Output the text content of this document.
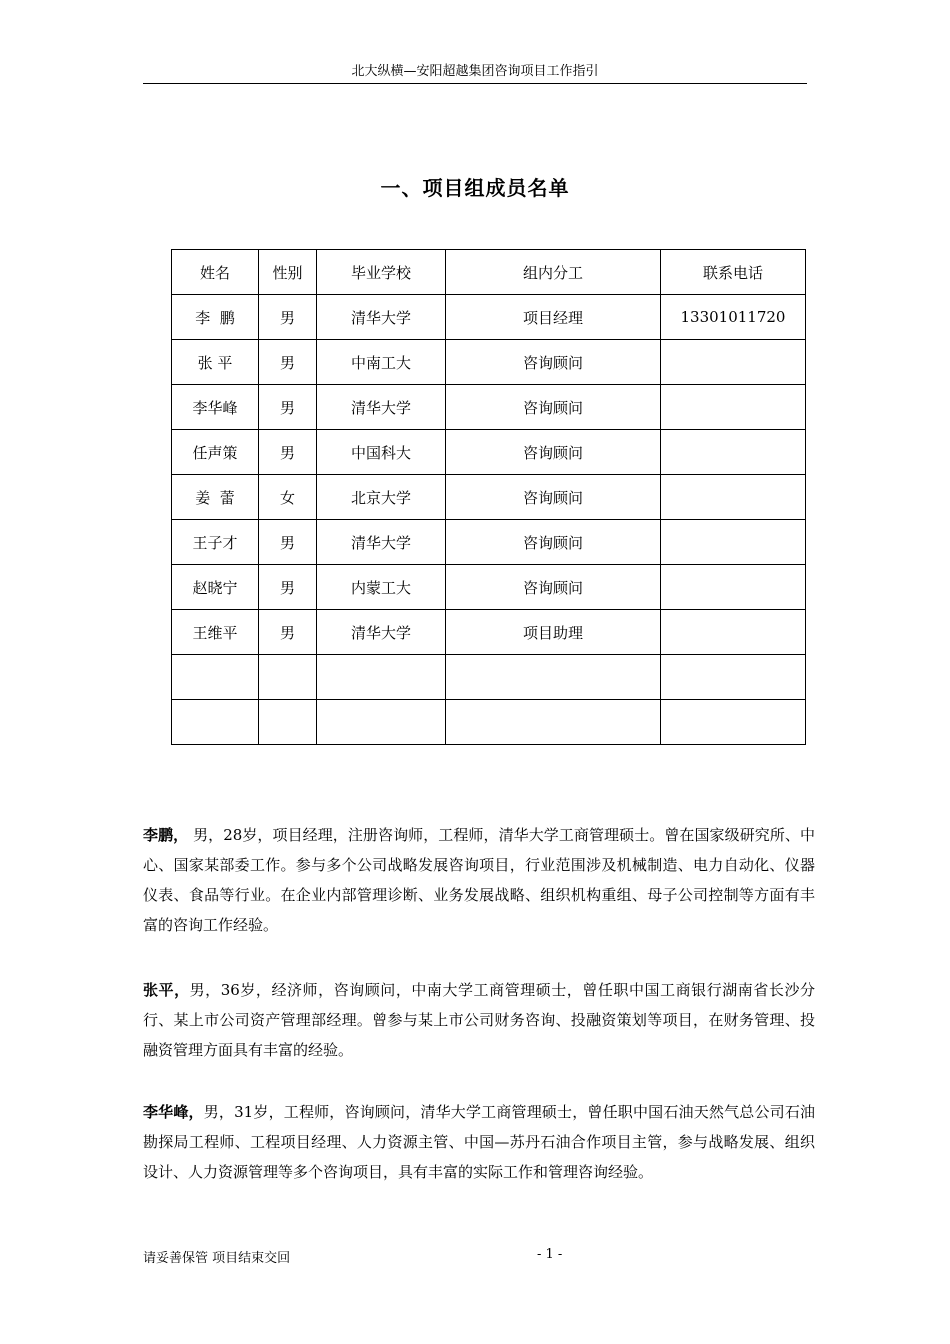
北大纵横—安阳超越集团咨询项目工作指引
一、项目组成员名单
姓名	性别	毕业学校	组内分工	联系电话
李  鹏	男	清华大学	项目经理	13301011720
张 平	男	中南工大	咨询顾问	
李华峰	男	清华大学	咨询顾问	
任声策	男	中国科大	咨询顾问	
姜  蕾	女	北京大学	咨询顾问	
王子才	男	清华大学	咨询顾问	
赵晓宁	男	内蒙工大	咨询顾问	
王维平	男	清华大学	项目助理	

李鹏， 男，28岁，项目经理，注册咨询师，工程师，清华大学工商管理硕士。曾在国家级研究所、中心、国家某部委工作。参与多个公司战略发展咨询项目，行业范围涉及机械制造、电力自动化、仪器仪表、食品等行业。在企业内部管理诊断、业务发展战略、组织机构重组、母子公司控制等方面有丰富的咨询工作经验。

张平，男，36岁，经济师，咨询顾问，中南大学工商管理硕士，曾任职中国工商银行湖南省长沙分行、某上市公司资产管理部经理。曾参与某上市公司财务咨询、投融资策划等项目，在财务管理、投融资管理方面具有丰富的经验。

李华峰，男，31岁，工程师，咨询顾问，清华大学工商管理硕士，曾任职中国石油天然气总公司石油勘探局工程师、工程项目经理、人力资源主管、中国—苏丹石油合作项目主管，参与战略发展、组织设计、人力资源管理等多个咨询项目，具有丰富的实际工作和管理咨询经验。

请妥善保管 项目结束交回	- 1 -
